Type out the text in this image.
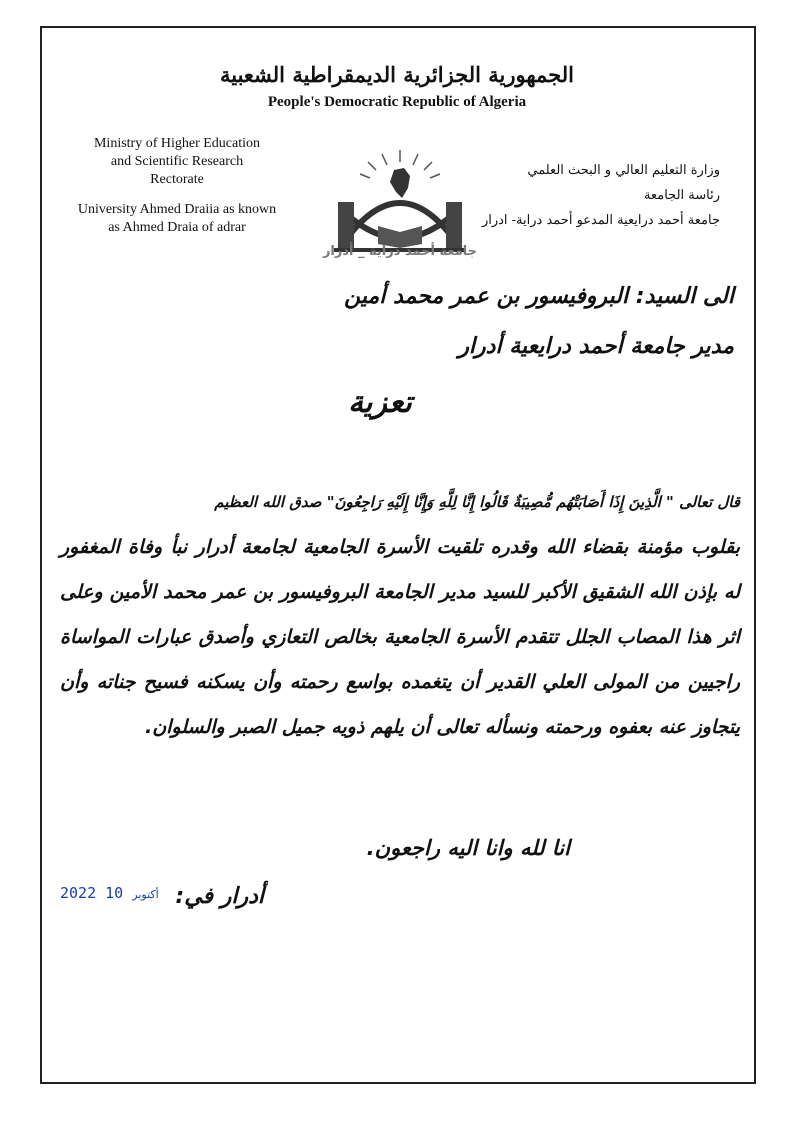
الجمهورية الجزائرية الديمقراطية الشعبية
People's Democratic Republic of Algeria
Ministry of Higher Education
and Scientific Research
Rectorate
University Ahmed Draiia as known
as Ahmed Draia of adrar
وزارة التعليم العالي و البحث العلمي
رئاسة الجامعة
جامعة أحمد درايعية المدعو أحمد دراية- ادرار
جامعة أحمد دراية _ أدرار
الى السيد: البروفيسور بن عمر محمد أمين
مدير جامعة أحمد درايعية أدرار
تعزية
قال تعالى " الَّذِينَ إِذَا أَصَابَتْهُم مُّصِيبَةٌ قَالُوا إِنَّا لِلَّهِ وَإِنَّا إِلَيْهِ رَاجِعُونَ" صدق الله العظيم
بقلوب مؤمنة بقضاء الله وقدره تلقيت الأسرة الجامعية لجامعة أدرار نبأ وفاة المغفور له بإذن الله الشقيق الأكبر للسيد مدير الجامعة البروفيسور بن عمر محمد الأمين وعلى اثر هذا المصاب الجلل تتقدم الأسرة الجامعية بخالص التعازي وأصدق عبارات المواساة راجيين من المولى العلي القدير أن يتغمده بواسع رحمته وأن يسكنه فسيح جناته وأن يتجاوز عنه بعفوه ورحمته ونسأله تعالى أن يلهم ذويه جميل الصبر والسلوان.
انا لله وانا اليه راجعون.
أدرار في:
2022	أكتوبر 10
